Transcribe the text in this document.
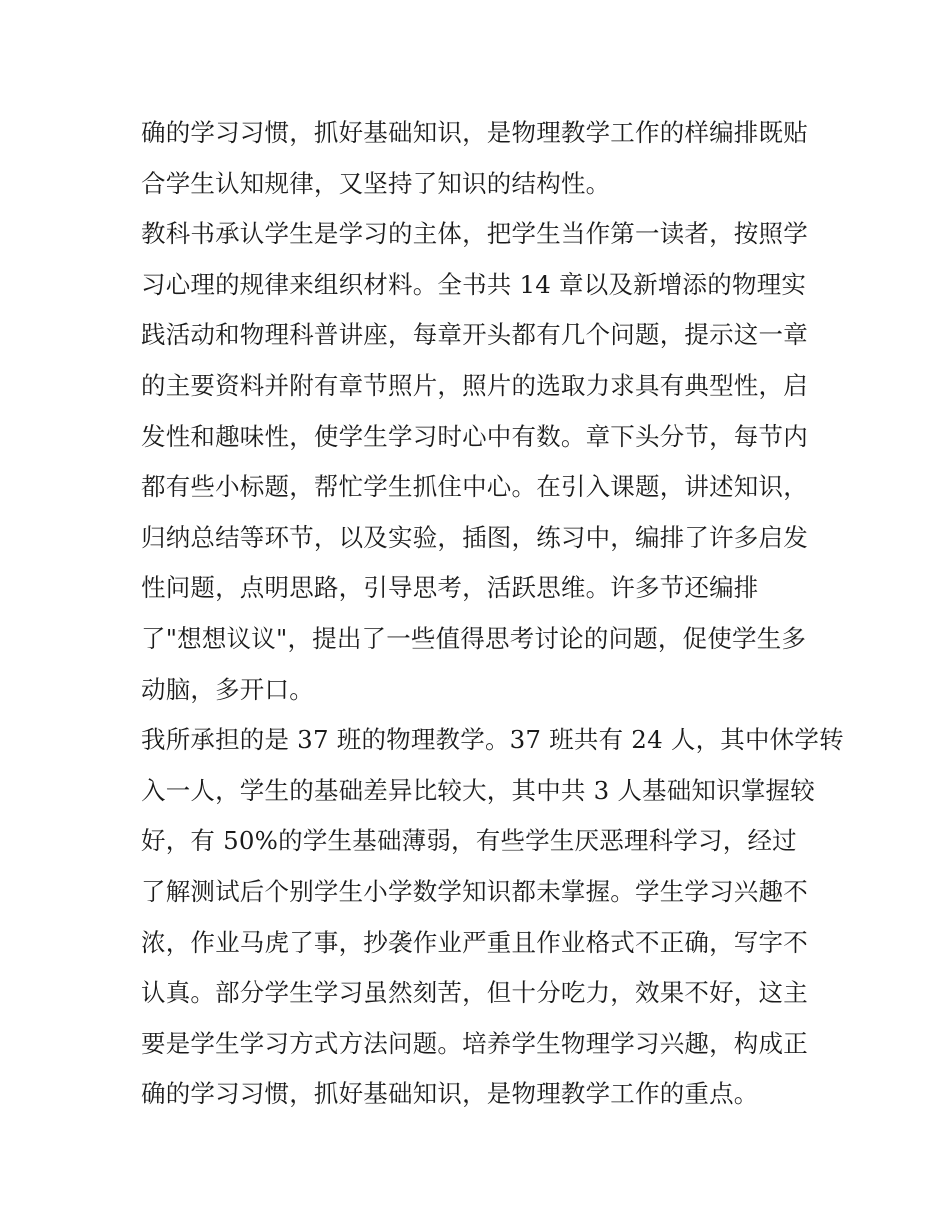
确的学习习惯，抓好基础知识，是物理教学工作的样编排既贴
合学生认知规律，又坚持了知识的结构性。
教科书承认学生是学习的主体，把学生当作第一读者，按照学
习心理的规律来组织材料。全书共 14 章以及新增添的物理实
践活动和物理科普讲座，每章开头都有几个问题，提示这一章
的主要资料并附有章节照片，照片的选取力求具有典型性，启
发性和趣味性，使学生学习时心中有数。章下头分节，每节内
都有些小标题，帮忙学生抓住中心。在引入课题，讲述知识，
归纳总结等环节，以及实验，插图，练习中，编排了许多启发
性问题，点明思路，引导思考，活跃思维。许多节还编排
了"想想议议"，提出了一些值得思考讨论的问题，促使学生多
动脑，多开口。
我所承担的是 37 班的物理教学。37 班共有 24 人，其中休学转
入一人，学生的基础差异比较大，其中共 3 人基础知识掌握较
好，有 50%的学生基础薄弱，有些学生厌恶理科学习，经过
了解测试后个别学生小学数学知识都未掌握。学生学习兴趣不
浓，作业马虎了事，抄袭作业严重且作业格式不正确，写字不
认真。部分学生学习虽然刻苦，但十分吃力，效果不好，这主
要是学生学习方式方法问题。培养学生物理学习兴趣，构成正
确的学习习惯，抓好基础知识，是物理教学工作的重点。
